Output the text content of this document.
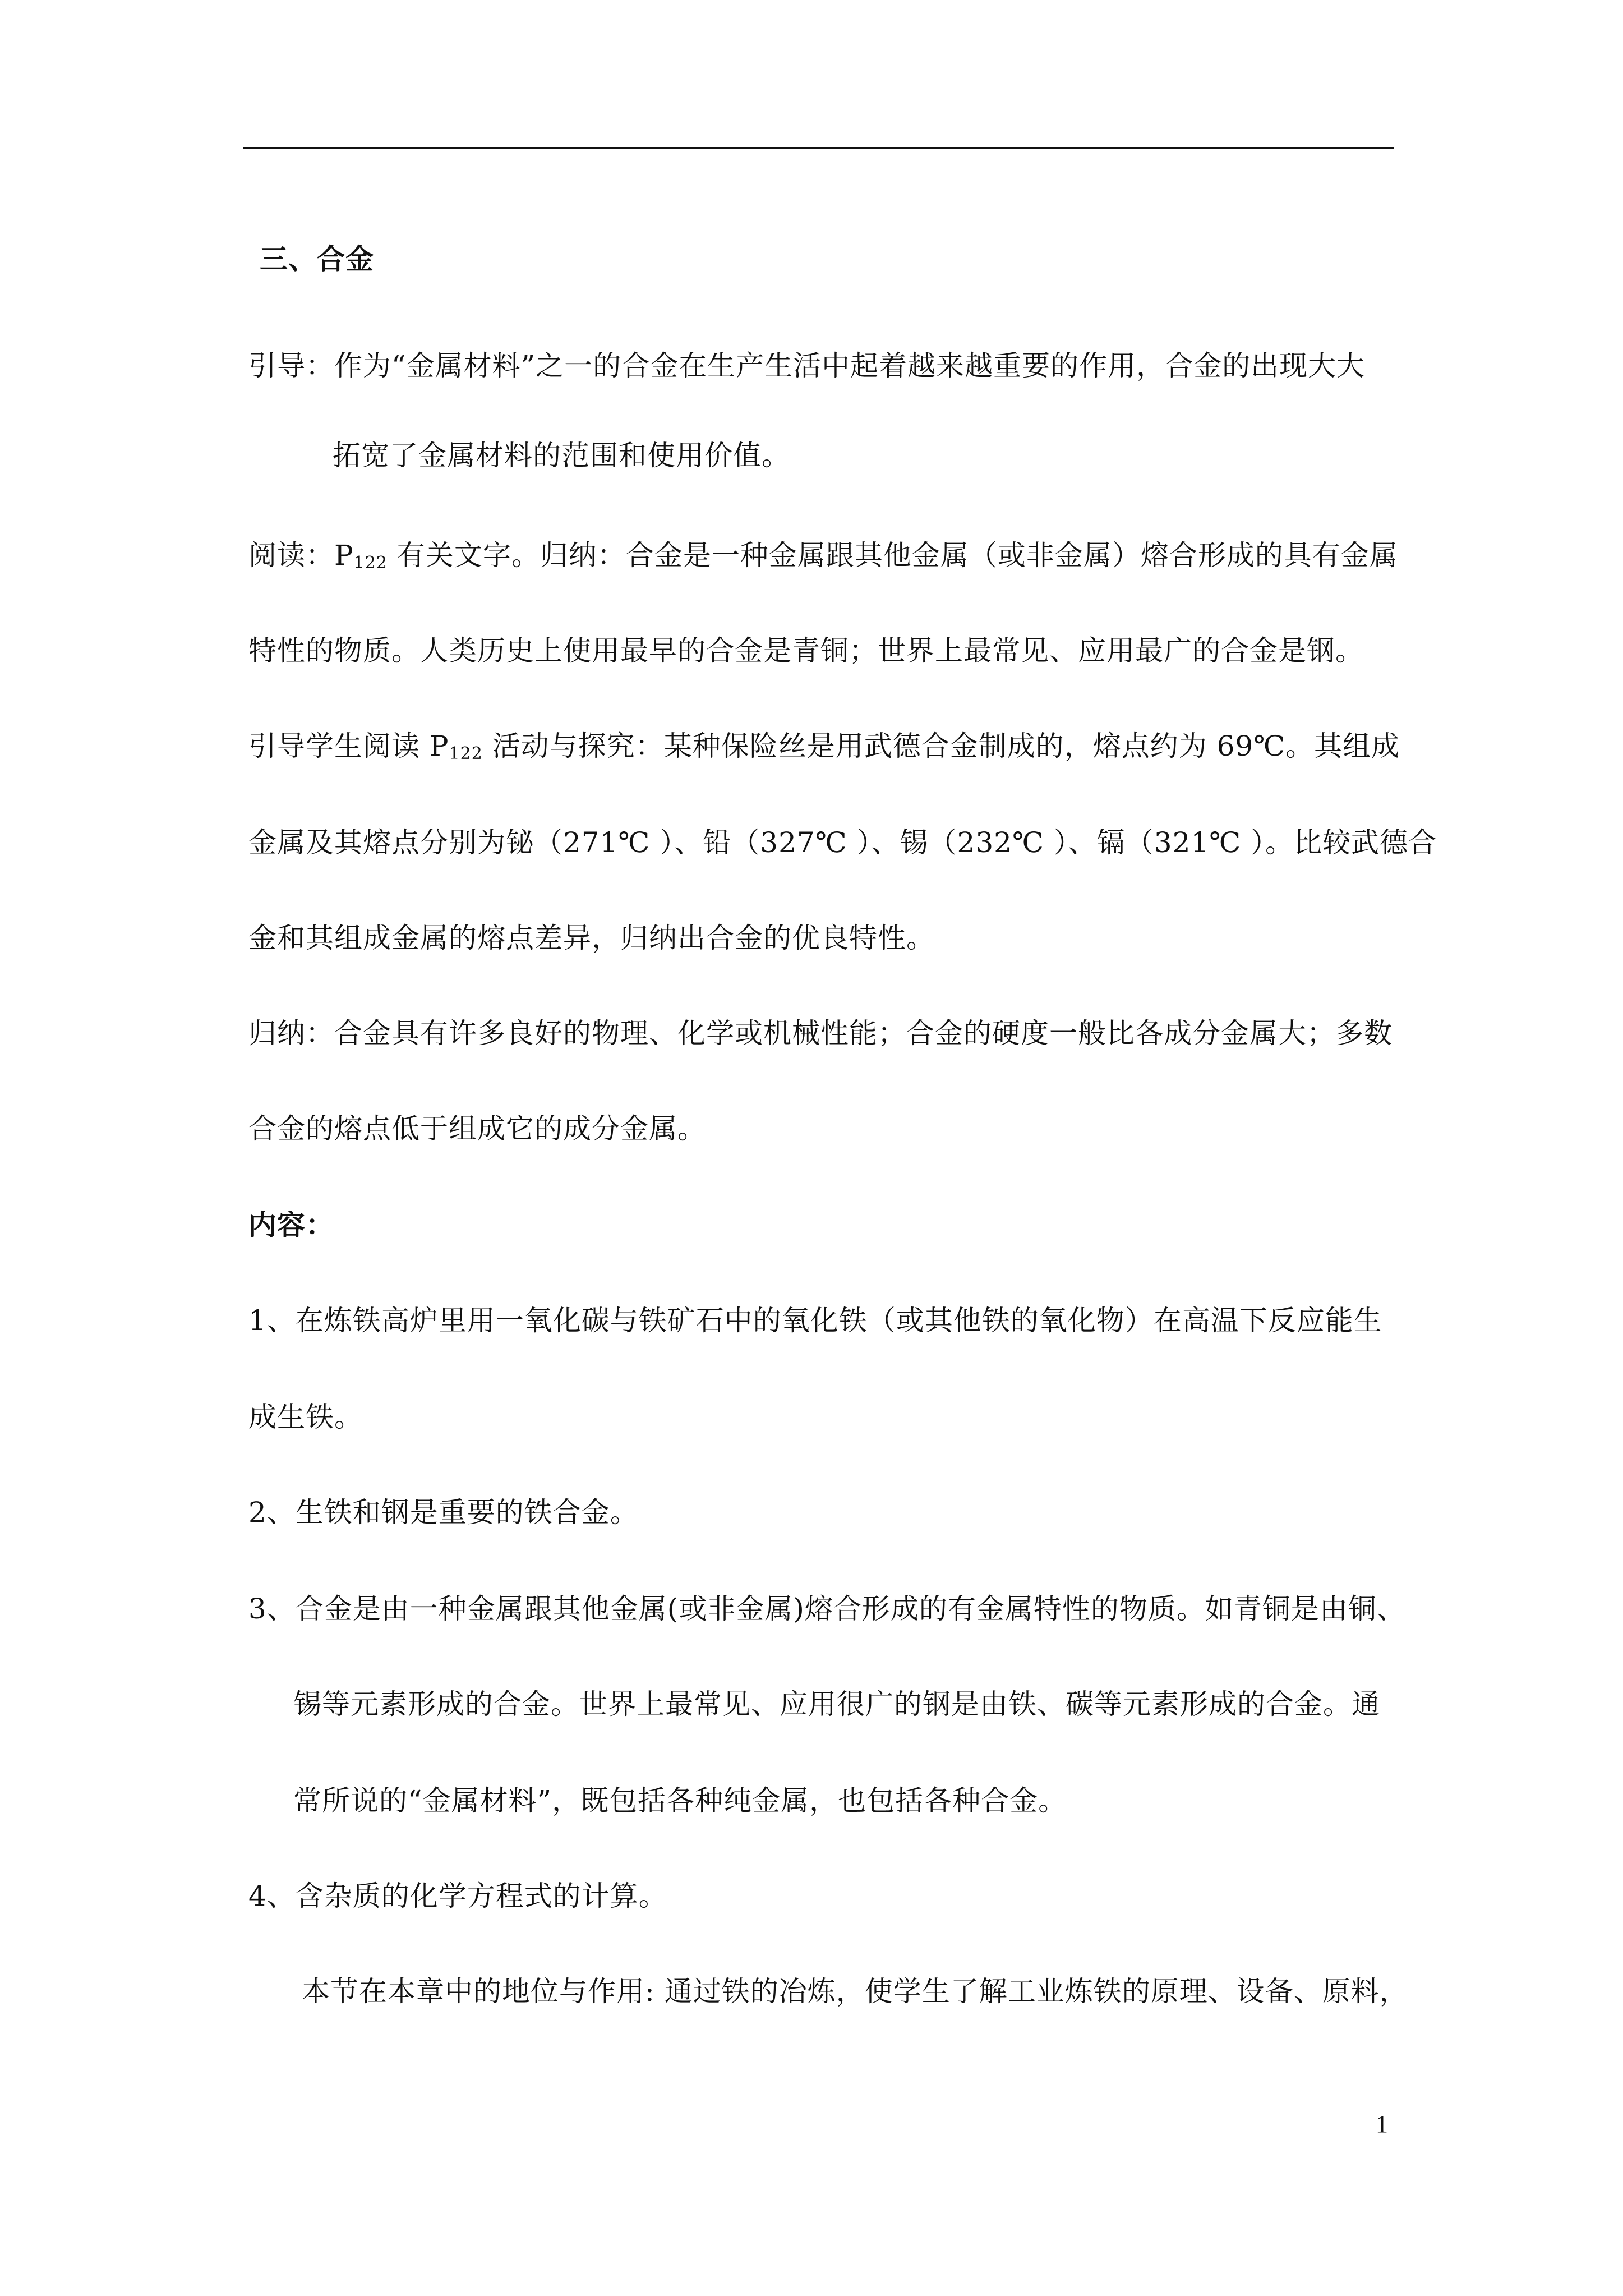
三、合金
引导：作为“金属材料”之一的合金在生产生活中起着越来越重要的作用，合金的出现大大
拓宽了金属材料的范围和使用价值。
阅读：$P_{122}$ 有关文字。归纳：合金是一种金属跟其他金属（或非金属）熔合形成的具有金属
特性的物质。人类历史上使用最早的合金是青铜；世界上最常见、应用最广的合金是钢。
引导学生阅读 $P_{122}$ 活动与探究：某种保险丝是用武德合金制成的，熔点约为 69℃。其组成
金属及其熔点分别为铋（271℃ ）、铅（327℃ ）、锡（232℃ ）、镉（321℃ ）。比较武德合
金和其组成金属的熔点差异，归纳出合金的优良特性。
归纳：合金具有许多良好的物理、化学或机械性能；合金的硬度一般比各成分金属大；多数
合金的熔点低于组成它的成分金属。
内容：
1、在炼铁高炉里用一氧化碳与铁矿石中的氧化铁（或其他铁的氧化物）在高温下反应能生
成生铁。
2、生铁和钢是重要的铁合金。
3、合金是由一种金属跟其他金属(或非金属)熔合形成的有金属特性的物质。如青铜是由铜、
锡等元素形成的合金。世界上最常见、应用很广的钢是由铁、碳等元素形成的合金。通
常所说的“金属材料”，既包括各种纯金属，也包括各种合金。
4、含杂质的化学方程式的计算。
本节在本章中的地位与作用: 通过铁的冶炼，使学生了解工业炼铁的原理、设备、原料，
1
